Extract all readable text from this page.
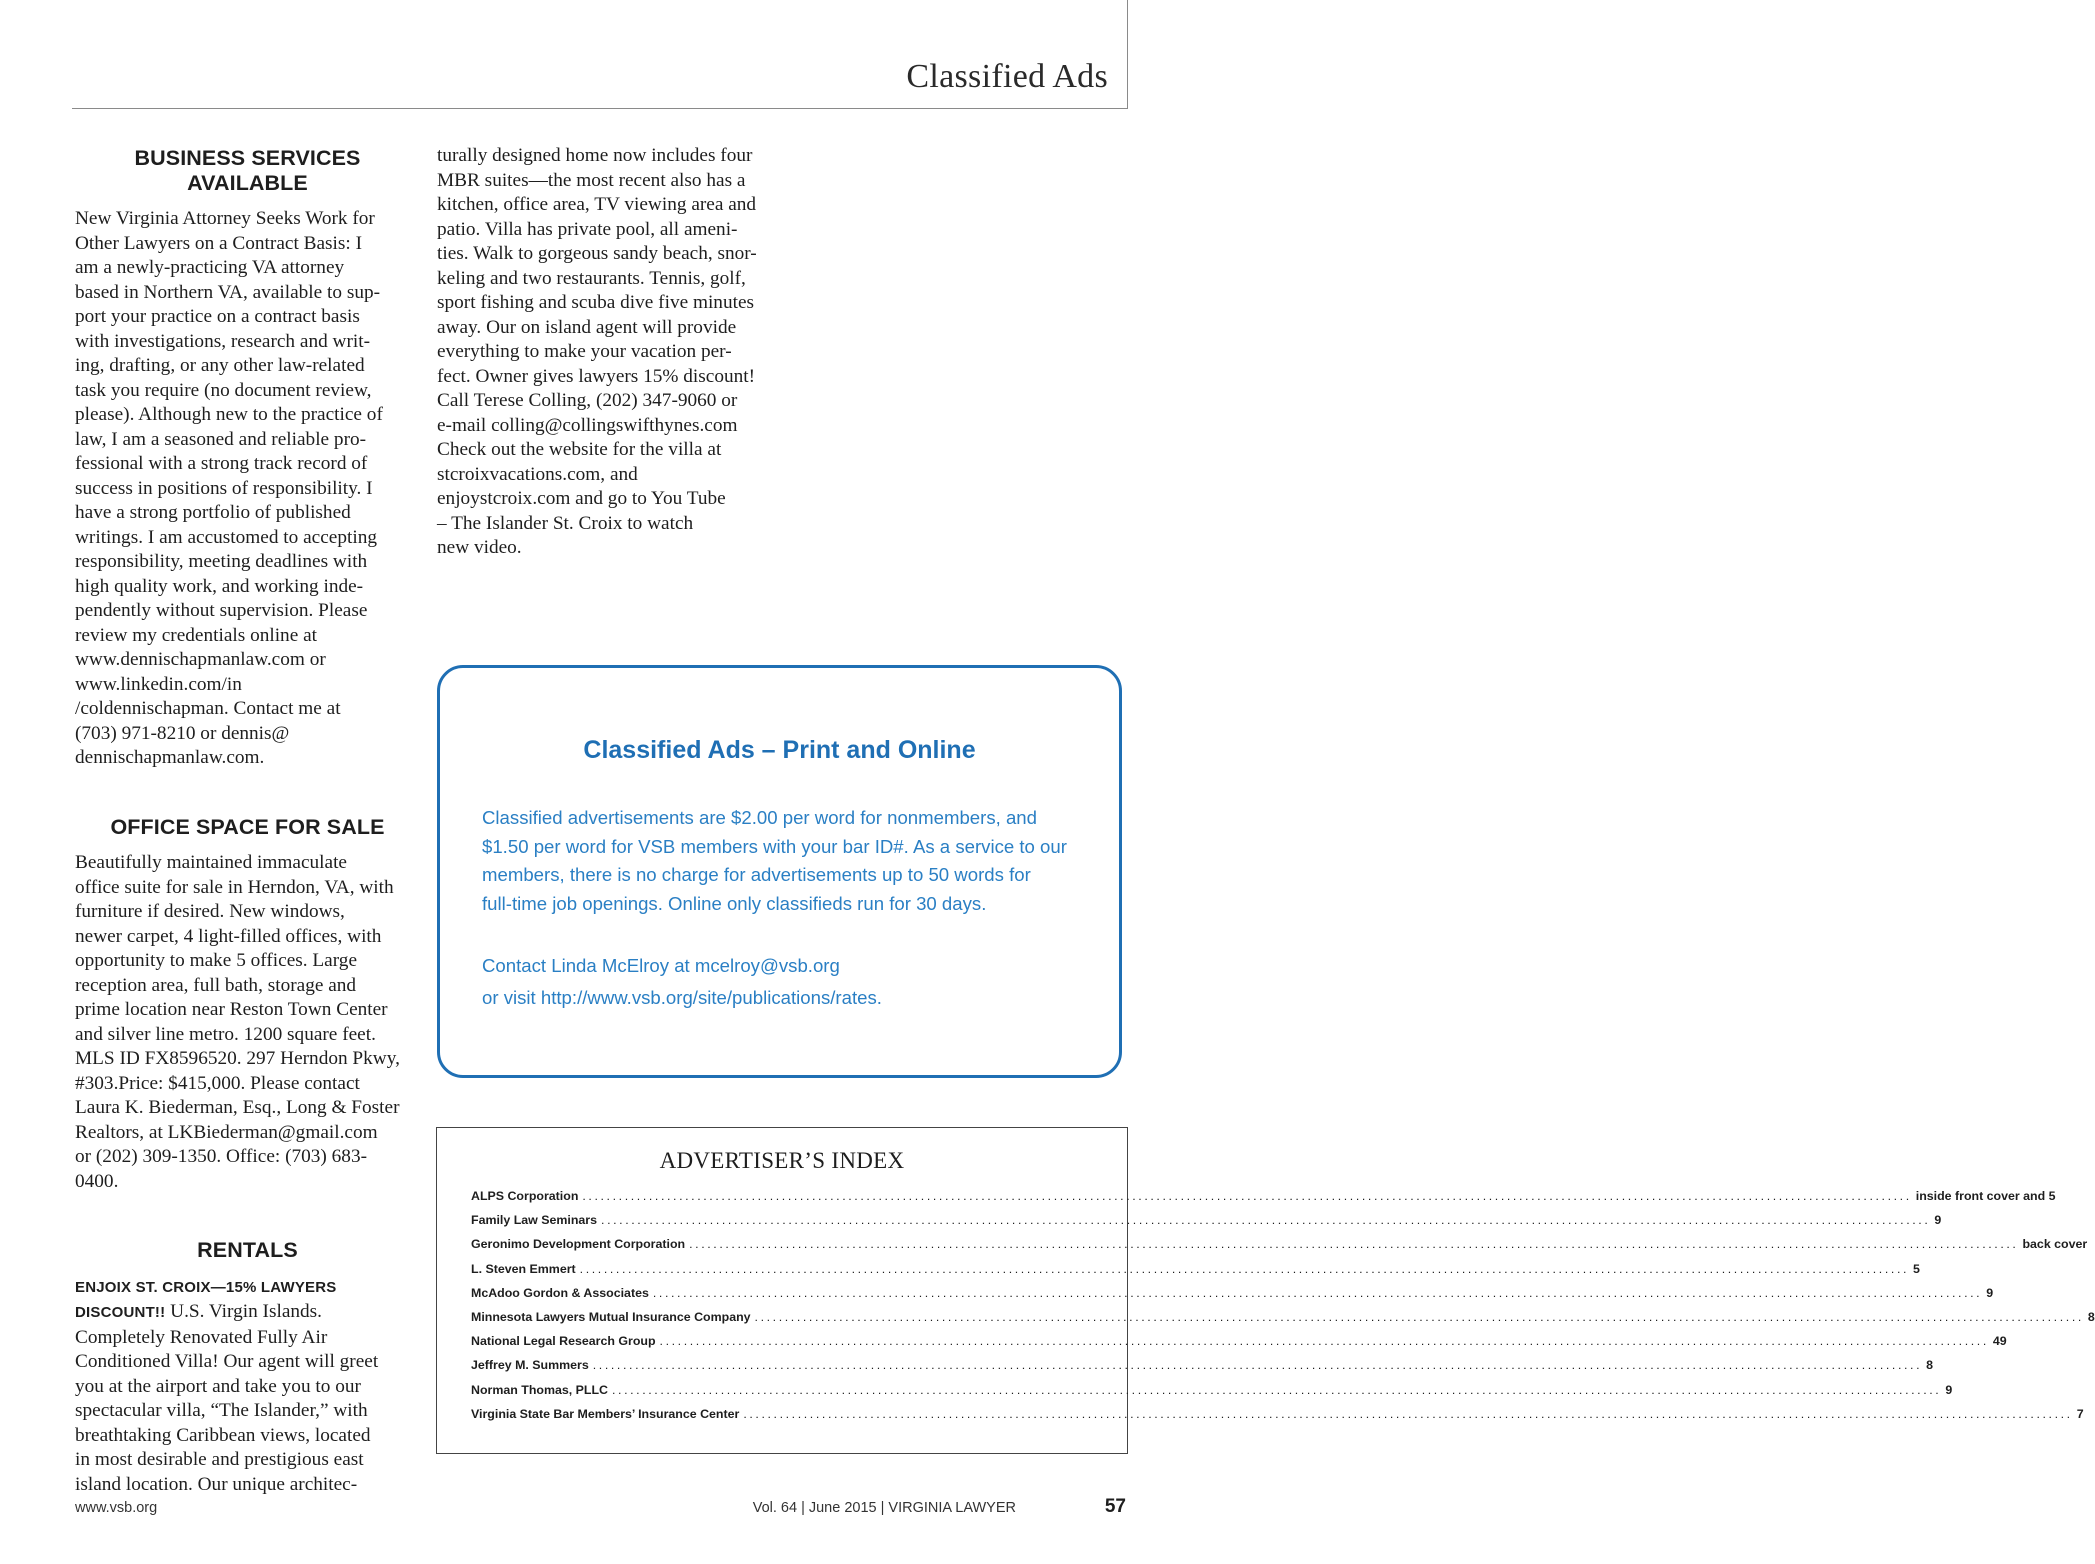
Classified Ads
BUSINESS SERVICES AVAILABLE

New Virginia Attorney Seeks Work for
Other Lawyers on a Contract Basis: I
am a newly-practicing VA attorney
based in Northern VA, available to sup-
port your practice on a contract basis
with investigations, research and writ-
ing, drafting, or any other law-related
task you require (no document review,
please). Although new to the practice of
law, I am a seasoned and reliable pro-
fessional with a strong track record of
success in positions of responsibility. I
have a strong portfolio of published
writings. I am accustomed to accepting
responsibility, meeting deadlines with
high quality work, and working inde-
pendently without supervision. Please
review my credentials online at
www.dennischapmanlaw.com or
www.linkedin.com/in
/coldennischapman. Contact me at
(703) 971-8210 or dennis@
dennischapmanlaw.com.

OFFICE SPACE FOR SALE

Beautifully maintained immaculate
office suite for sale in Herndon, VA, with
furniture if desired. New windows,
newer carpet, 4 light-filled offices, with
opportunity to make 5 offices. Large
reception area, full bath, storage and
prime location near Reston Town Center
and silver line metro. 1200 square feet.
MLS ID FX8596520. 297 Herndon Pkwy,
#303.Price: $415,000. Please contact
Laura K. Biederman, Esq., Long & Foster
Realtors, at LKBiederman@gmail.com
or (202) 309-1350. Office: (703) 683-
0400.

RENTALS

ENJOIX ST. CROIX—15% LAWYERS
DISCOUNT!! U.S. Virgin Islands.
Completely Renovated Fully Air
Conditioned Villa! Our agent will greet
you at the airport and take you to our
spectacular villa, “The Islander,” with
breathtaking Caribbean views, located
in most desirable and prestigious east
island location. Our unique architec-

turally designed home now includes four
MBR suites—the most recent also has a
kitchen, office area, TV viewing area and
patio. Villa has private pool, all ameni-
ties. Walk to gorgeous sandy beach, snor-
keling and two restaurants. Tennis, golf,
sport fishing and scuba dive five minutes
away. Our on island agent will provide
everything to make your vacation per-
fect. Owner gives lawyers 15% discount!
Call Terese Colling, (202) 347-9060 or
e-mail colling@collingswifthynes.com
Check out the website for the villa at
stcroixvacations.com, and
enjoystcroix.com and go to You Tube
– The Islander St. Croix to watch
new video.

Classified Ads – Print and Online
Classified advertisements are $2.00 per word for nonmembers, and
$1.50 per word for VSB members with your bar ID#. As a service to our
members, there is no charge for advertisements up to 50 words for
full-time job openings. Online only classifieds run for 30 days.
Contact Linda McElroy at mcelroy@vsb.org
or visit http://www.vsb.org/site/publications/rates.
ADVERTISER’S INDEX
ALPS Corporation ............................................................................................................................................................................................................................ inside front cover and 5
Family Law Seminars ............................................................................................................................................................................................................................ 9
Geronimo Development Corporation ............................................................................................................................................................................................................................ back cover
L. Steven Emmert ............................................................................................................................................................................................................................ 5
McAdoo Gordon & Associates ............................................................................................................................................................................................................................ 9
Minnesota Lawyers Mutual Insurance Company ............................................................................................................................................................................................................................ 8
National Legal Research Group ............................................................................................................................................................................................................................ 49
Jeffrey M. Summers ............................................................................................................................................................................................................................ 8
Norman Thomas, PLLC ............................................................................................................................................................................................................................ 9
Virginia State Bar Members’ Insurance Center ............................................................................................................................................................................................................................ 7
www.vsb.org	Vol. 64 | June 2015 | VIRGINIA LAWYER	57
